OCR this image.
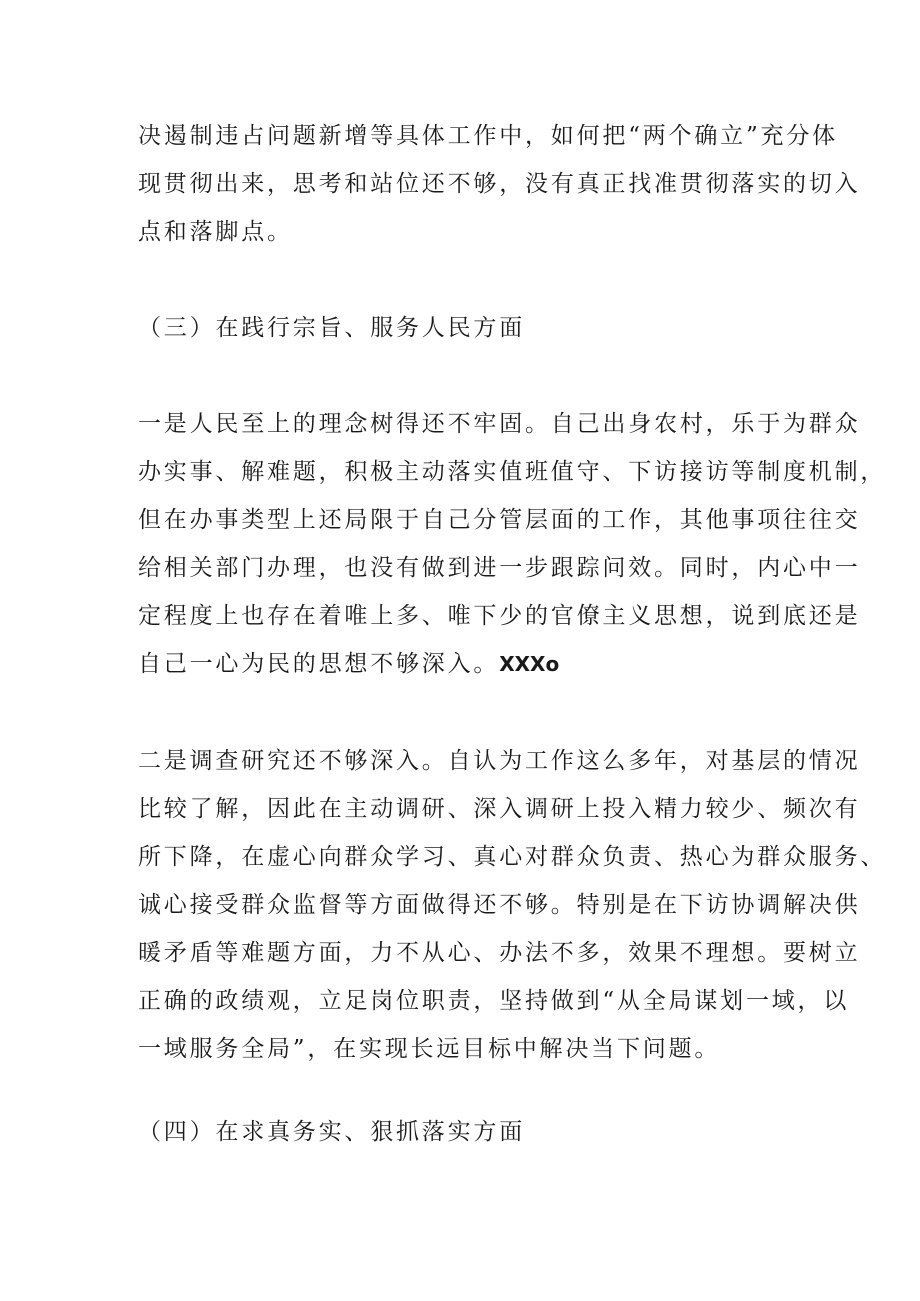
决遏制违占问题新增等具体工作中，如何把“两个确立”充分体
现贯彻出来，思考和站位还不够，没有真正找准贯彻落实的切入
点和落脚点。

（三）在践行宗旨、服务人民方面

一是人民至上的理念树得还不牢固。自己出身农村，乐于为群众
办实事、解难题，积极主动落实值班值守、下访接访等制度机制，
但在办事类型上还局限于自己分管层面的工作，其他事项往往交
给相关部门办理，也没有做到进一步跟踪问效。同时，内心中一
定程度上也存在着唯上多、唯下少的官僚主义思想，说到底还是
自己一心为民的思想不够深入。XXXo

二是调查研究还不够深入。自认为工作这么多年，对基层的情况
比较了解，因此在主动调研、深入调研上投入精力较少、频次有
所下降，在虚心向群众学习、真心对群众负责、热心为群众服务、
诚心接受群众监督等方面做得还不够。特别是在下访协调解决供
暖矛盾等难题方面，力不从心、办法不多，效果不理想。要树立
正确的政绩观，立足岗位职责，坚持做到“从全局谋划一域，以
一域服务全局”，在实现长远目标中解决当下问题。

（四）在求真务实、狠抓落实方面
